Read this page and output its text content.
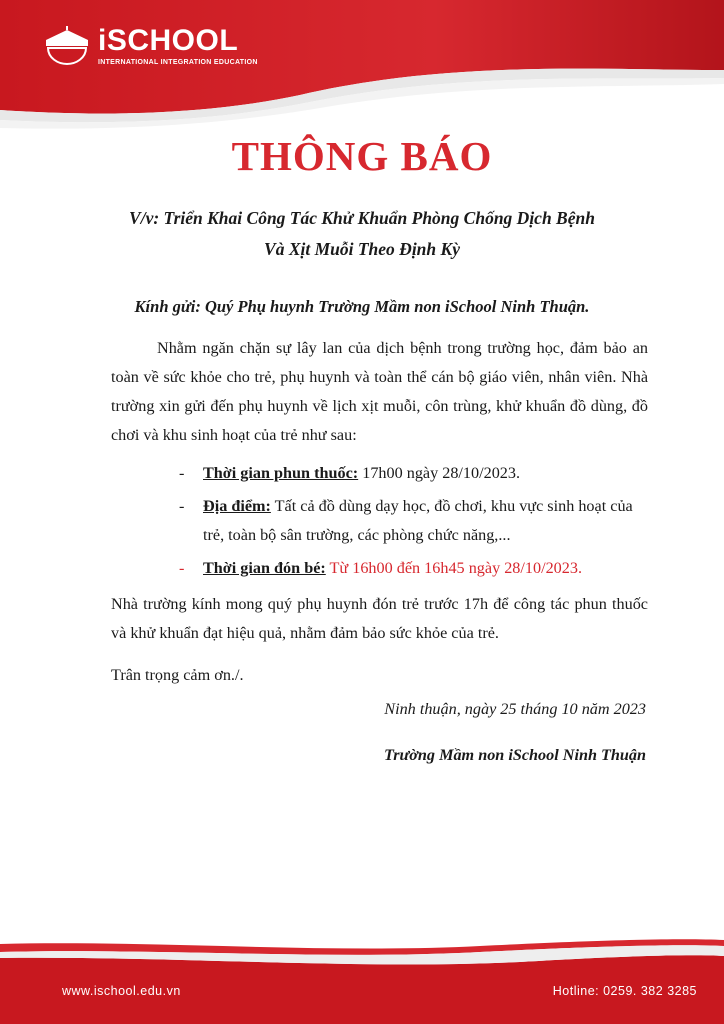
iSCHOOL
INTERNATIONAL INTEGRATION EDUCATION
THÔNG BÁO
V/v: Triển Khai Công Tác Khử Khuẩn Phòng Chống Dịch Bệnh
Và Xịt Muỗi Theo Định Kỳ
Kính gửi: Quý Phụ huynh Trường Mầm non iSchool Ninh Thuận.
Nhằm ngăn chặn sự lây lan của dịch bệnh trong trường học, đảm bảo an toàn về sức khỏe cho trẻ, phụ huynh và toàn thể cán bộ giáo viên, nhân viên. Nhà trường xin gửi đến phụ huynh về lịch xịt muỗi, côn trùng, khử khuẩn đồ dùng, đồ chơi và khu sinh hoạt của trẻ như sau:
- Thời gian phun thuốc: 17h00 ngày 28/10/2023.
- Địa điểm: Tất cả đồ dùng dạy học, đồ chơi, khu vực sinh hoạt của trẻ, toàn bộ sân trường, các phòng chức năng,...
- Thời gian đón bé: Từ 16h00 đến 16h45 ngày 28/10/2023.
Nhà trường kính mong quý phụ huynh đón trẻ trước 17h để công tác phun thuốc và khử khuẩn đạt hiệu quả, nhằm đảm bảo sức khỏe của trẻ.
Trân trọng cảm ơn./.
Ninh thuận, ngày 25 tháng 10 năm 2023
Trường Mầm non iSchool Ninh Thuận
www.ischool.edu.vn	Hotline: 0259. 382 3285
